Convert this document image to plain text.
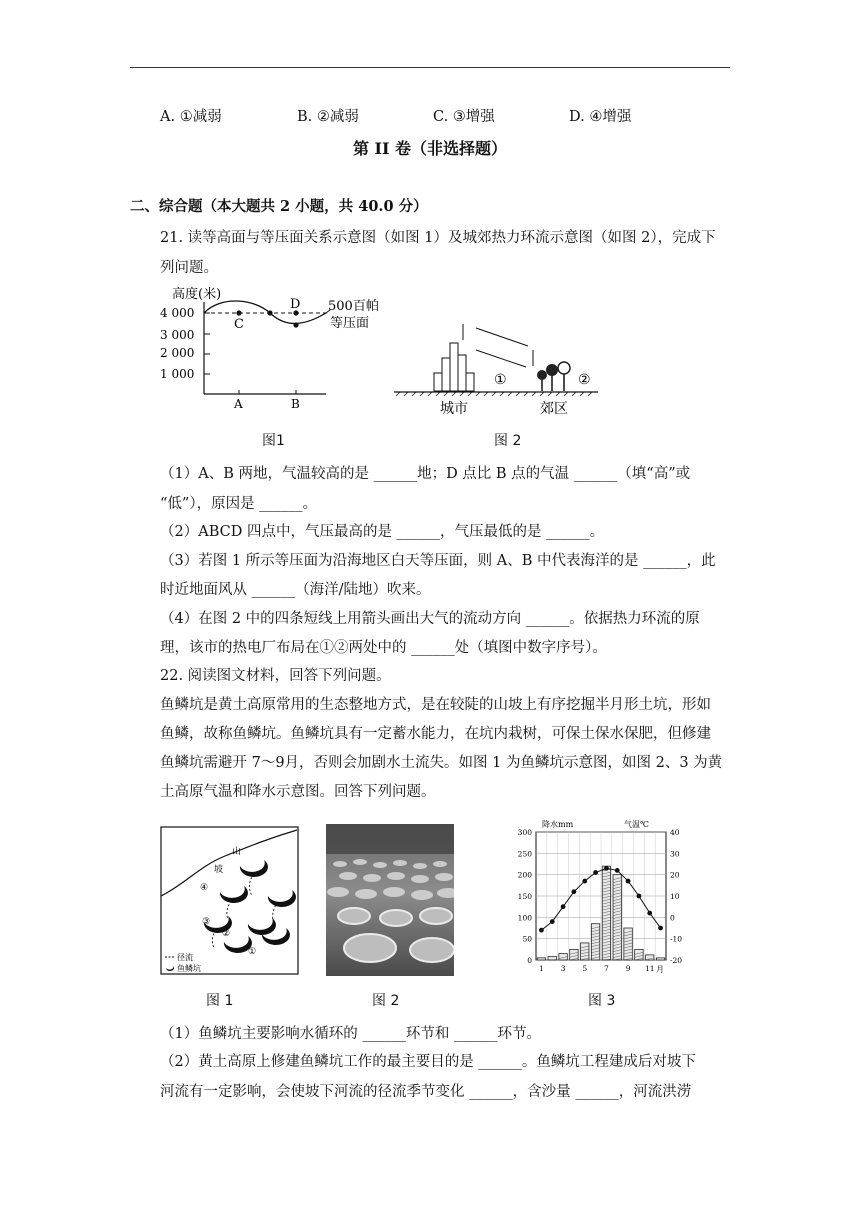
A. ①减弱	B. ②减弱	C. ③增强	D. ④增强
第 II 卷（非选择题）
二、综合题（本大题共 2 小题，共 40.0 分）
21. 读等高面与等压面关系示意图（如图 1）及城郊热力环流示意图（如图 2），完成下
列问题。
高度(米)
4 000
3 000
2 000
1 000
C
D
A	B
500百帕
等压面
图1
①	②
城市	郊区
图 2
（1）A、B 两地，气温较高的是 ______地；D 点比 B 点的气温 ______（填“高”或
“低”），原因是 ______。
（2）ABCD 四点中，气压最高的是 ______，气压最低的是 ______。
（3）若图 1 所示等压面为沿海地区白天等压面，则 A、B 中代表海洋的是 ______，此
时近地面风从 ______（海洋/陆地）吹来。
（4）在图 2 中的四条短线上用箭头画出大气的流动方向 ______。依据热力环流的原
理，该市的热电厂布局在①②两处中的 ______处（填图中数字序号）。
22. 阅读图文材料，回答下列问题。
鱼鳞坑是黄土高原常用的生态整地方式，是在较陡的山坡上有序挖掘半月形土坑，形如
鱼鳞，故称鱼鳞坑。鱼鳞坑具有一定蓄水能力，在坑内栽树，可保土保水保肥，但修建
鱼鳞坑需避开 7～9月，否则会加剧水土流失。如图 1 为鱼鳞坑示意图，如图 2、3 为黄
土高原气温和降水示意图。回答下列问题。
山
坡
④
③
②
①
径流
鱼鳞坑
图 1	图 2
降水mm	气温℃
300
250
200
150
100
50
0
40
30
20
10
0
-10
-20
1 3 5 7 9 11 月
图 3
（1）鱼鳞坑主要影响水循环的 ______环节和 ______环节。
（2）黄土高原上修建鱼鳞坑工作的最主要目的是 ______。鱼鳞坑工程建成后对坡下
河流有一定影响，会使坡下河流的径流季节变化 ______，含沙量 ______，河流洪涝
